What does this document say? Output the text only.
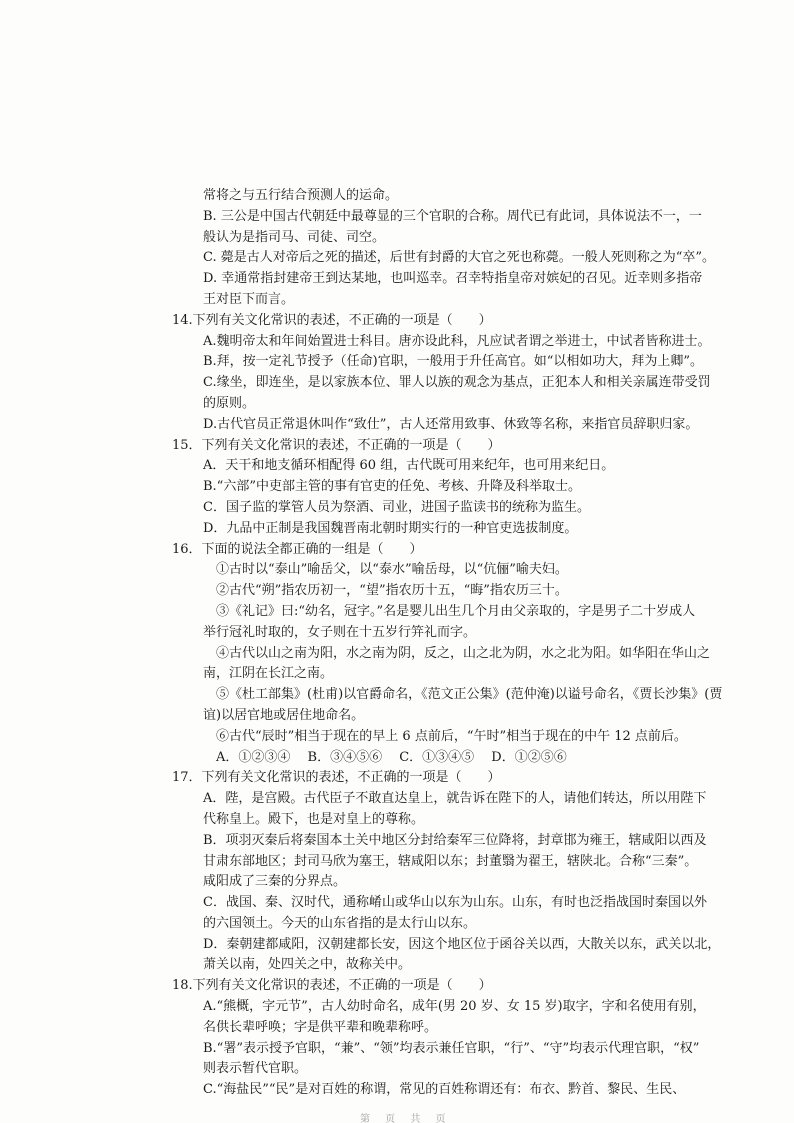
常将之与五行结合预测人的运命。
B. 三公是中国古代朝廷中最尊显的三个官职的合称。周代已有此词，具体说法不一，一
般认为是指司马、司徒、司空。
C. 薨是古人对帝后之死的描述，后世有封爵的大官之死也称薨。一般人死则称之为“卒”。
D. 幸通常指封建帝王到达某地，也叫巡幸。召幸特指皇帝对嫔妃的召见。近幸则多指帝
王对臣下而言。
14.下列有关文化常识的表述，不正确的一项是（　　）
A.魏明帝太和年间始置进士科目。唐亦设此科，凡应试者谓之举进士，中试者皆称进士。
B.拜，按一定礼节授予（任命)官职，一般用于升任高官。如“以相如功大，拜为上卿”。
C.缘坐，即连坐，是以家族本位、罪人以族的观念为基点，正犯本人和相关亲属连带受罚
的原则。
D.古代官员正常退休叫作“致仕”，古人还常用致事、休致等名称，来指官员辞职归家。
15．下列有关文化常识的表述，不正确的一项是（　　）
A．天干和地支循环相配得 60 组，古代既可用来纪年，也可用来纪日。
B.“六部”中吏部主管的事有官吏的任免、考核、升降及科举取士。
C．国子监的掌管人员为祭酒、司业，进国子监读书的统称为监生。
D．九品中正制是我国魏晋南北朝时期实行的一种官吏选拔制度。
16．下面的说法全都正确的一组是（　　）
　①古时以“泰山”喻岳父，以“泰水”喻岳母，以“伉俪”喻夫妇。
　②古代“朔”指农历初一，“望”指农历十五，“晦”指农历三十。
　③《礼记》曰:“幼名，冠字。”名是婴儿出生几个月由父亲取的，字是男子二十岁成人
举行冠礼时取的，女子则在十五岁行笄礼而字。
　④古代以山之南为阳，水之南为阴，反之，山之北为阴，水之北为阳。如华阳在华山之
南，江阴在长江之南。
　⑤《杜工部集》(杜甫)以官爵命名，《范文正公集》(范仲淹)以谥号命名，《贾长沙集》(贾
谊)以居官地或居住地命名。
　⑥古代“辰时”相当于现在的早上 6 点前后，“午时”相当于现在的中午 12 点前后。
　A．①②③④　 B．③④⑤⑥　 C．①③④⑤　 D．①②⑤⑥
17．下列有关文化常识的表述，不正确的一项是（　　）
A．陛，是宫殿。古代臣子不敢直达皇上，就告诉在陛下的人，请他们转达，所以用陛下
代称皇上。殿下，也是对皇上的尊称。
B．项羽灭秦后将秦国本土关中地区分封给秦军三位降将，封章邯为雍王，辖咸阳以西及
甘肃东部地区；封司马欣为塞王，辖咸阳以东；封董翳为翟王，辖陕北。合称“三秦”。
咸阳成了三秦的分界点。
C．战国、秦、汉时代，通称崤山或华山以东为山东。山东，有时也泛指战国时秦国以外
的六国领土。今天的山东省指的是太行山以东。
D．秦朝建都咸阳，汉朝建都长安，因这个地区位于函谷关以西，大散关以东，武关以北，
萧关以南，处四关之中，故称关中。
18.下列有关文化常识的表述，不正确的一项是（　　）
A.“熊概，字元节”，古人幼时命名，成年(男 20 岁、女 15 岁)取字，字和名使用有别，
名供长辈呼唤；字是供平辈和晚辈称呼。
B.“署”表示授予官职，“兼”、“领”均表示兼任官职，“行”、“守”均表示代理官职，“权”
则表示暂代官职。
C.“海盐民”“民”是对百姓的称谓，常见的百姓称谓还有：布衣、黔首、黎民、生民、
第 页 共 页
